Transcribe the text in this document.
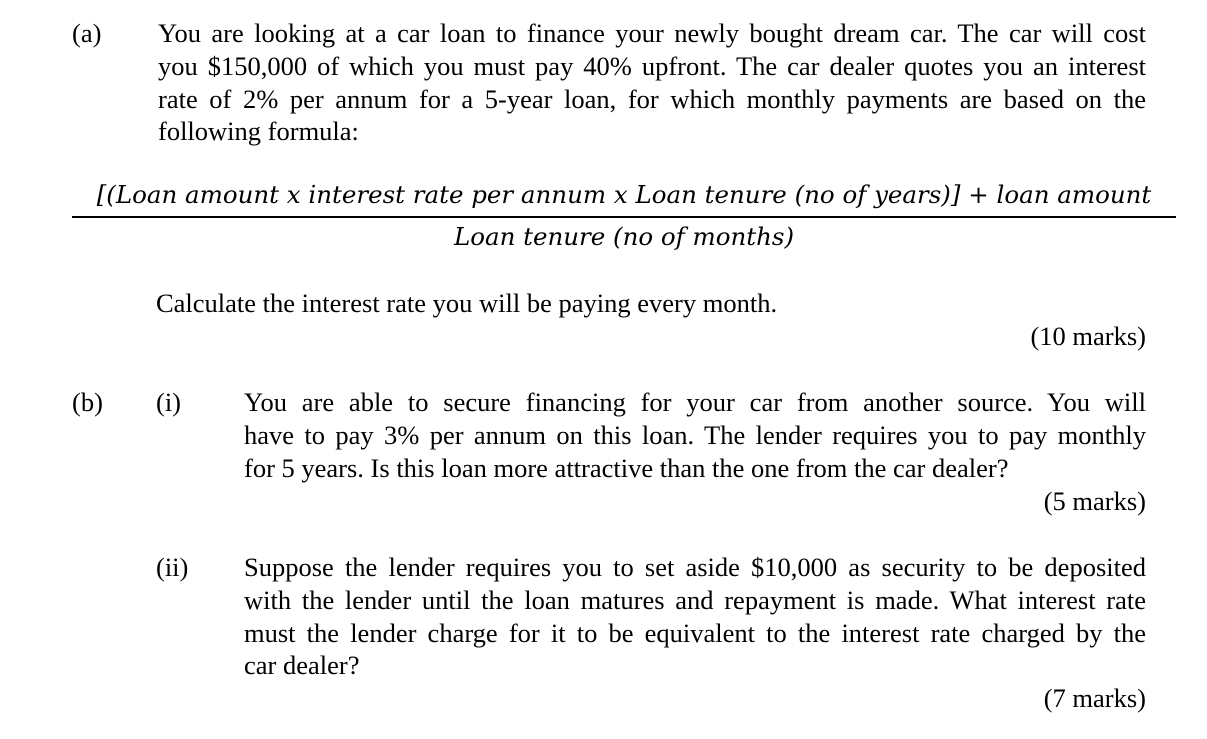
(a) You are looking at a car loan to finance your newly bought dream car. The car will cost
you $150,000 of which you must pay 40% upfront. The car dealer quotes you an interest
rate of 2% per annum for a 5-year loan, for which monthly payments are based on the
following formula:
[(Loan amount x interest rate per annum x Loan tenure (no of years)] + loan amount
Loan tenure (no of months)
Calculate the interest rate you will be paying every month.
(10 marks)
(b) (i) You are able to secure financing for your car from another source. You will
have to pay 3% per annum on this loan. The lender requires you to pay monthly
for 5 years. Is this loan more attractive than the one from the car dealer?
(5 marks)
(ii) Suppose the lender requires you to set aside $10,000 as security to be deposited
with the lender until the loan matures and repayment is made. What interest rate
must the lender charge for it to be equivalent to the interest rate charged by the
car dealer?
(7 marks)
